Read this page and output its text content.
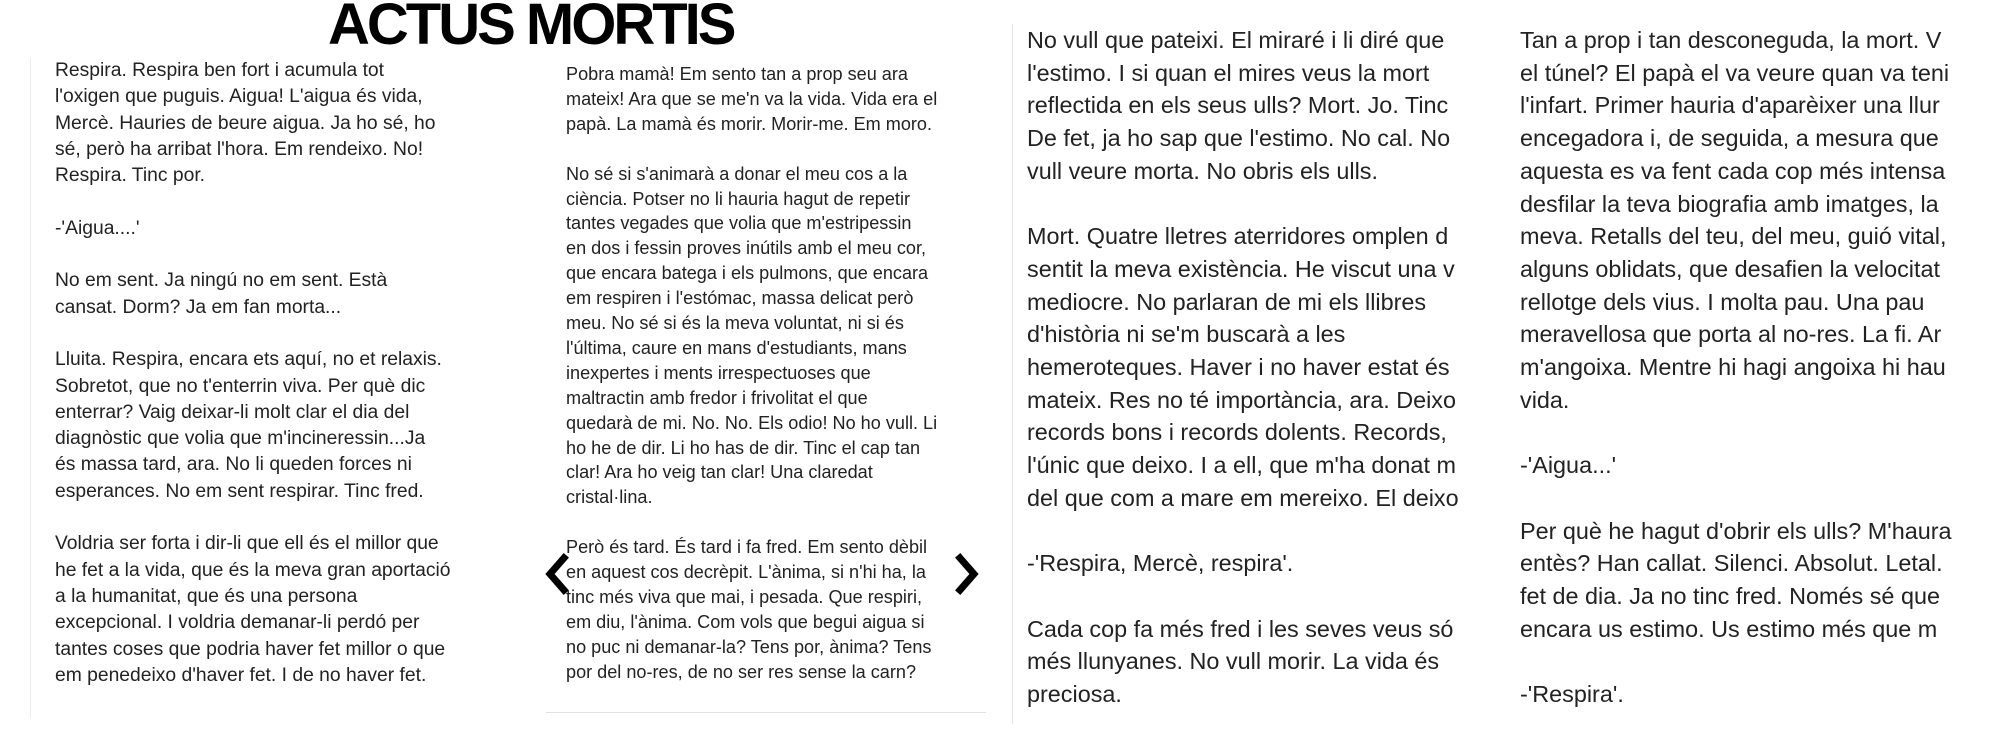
ACTUS MORTIS

Respira. Respira ben fort i acumula tot
l'oxigen que puguis. Aigua! L'aigua és vida,
Mercè. Hauries de beure aigua. Ja ho sé, ho
sé, però ha arribat l'hora. Em rendeixo. No!
Respira. Tinc por.

-'Aigua....'

No em sent. Ja ningú no em sent. Està
cansat. Dorm? Ja em fan morta...

Lluita. Respira, encara ets aquí, no et relaxis.
Sobretot, que no t'enterrin viva. Per què dic
enterrar? Vaig deixar-li molt clar el dia del
diagnòstic que volia que m'incineressin...Ja
és massa tard, ara. No li queden forces ni
esperances. No em sent respirar. Tinc fred.

Voldria ser forta i dir-li que ell és el millor que
he fet a la vida, que és la meva gran aportació
a la humanitat, que és una persona
excepcional. I voldria demanar-li perdó per
tantes coses que podria haver fet millor o que
em penedeixo d'haver fet. I de no haver fet.

Pobra mamà! Em sento tan a prop seu ara
mateix! Ara que se me'n va la vida. Vida era el
papà. La mamà és morir. Morir-me. Em moro.

No sé si s'animarà a donar el meu cos a la
ciència. Potser no li hauria hagut de repetir
tantes vegades que volia que m'estripessin
en dos i fessin proves inútils amb el meu cor,
que encara batega i els pulmons, que encara
em respiren i l'estómac, massa delicat però
meu. No sé si és la meva voluntat, ni si és
l'última, caure en mans d'estudiants, mans
inexpertes i ments irrespectuoses que
maltractin amb fredor i frivolitat el que
quedarà de mi. No. No. Els odio! No ho vull. Li
ho he de dir. Li ho has de dir. Tinc el cap tan
clar! Ara ho veig tan clar! Una claredat
cristal·lina.

Però és tard. És tard i fa fred. Em sento dèbil
en aquest cos decrèpit. L'ànima, si n'hi ha, la
tinc més viva que mai, i pesada. Que respiri,
em diu, l'ànima. Com vols que begui aigua si
no puc ni demanar-la? Tens por, ànima? Tens
por del no-res, de no ser res sense la carn?

No vull que pateixi. El miraré i li diré que
l'estimo. I si quan el mires veus la mort
reflectida en els seus ulls? Mort. Jo. Tinc
De fet, ja ho sap que l'estimo. No cal. No
vull veure morta. No obris els ulls.

Mort. Quatre lletres aterridores omplen d
sentit la meva existència. He viscut una v
mediocre. No parlaran de mi els llibres
d'història ni se'm buscarà a les
hemeroteques. Haver i no haver estat és
mateix. Res no té importància, ara. Deixo
records bons i records dolents. Records,
l'únic que deixo. I a ell, que m'ha donat m
del que com a mare em mereixo. El deixo

-'Respira, Mercè, respira'.

Cada cop fa més fred i les seves veus só
més llunyanes. No vull morir. La vida és
preciosa.

Tan a prop i tan desconeguda, la mort. V
el túnel? El papà el va veure quan va teni
l'infart. Primer hauria d'aparèixer una llur
encegadora i, de seguida, a mesura que
aquesta es va fent cada cop més intensa
desfilar la teva biografia amb imatges, la
meva. Retalls del teu, del meu, guió vital,
alguns oblidats, que desafien la velocitat
rellotge dels vius. I molta pau. Una pau
meravellosa que porta al no-res. La fi. Ar
m'angoixa. Mentre hi hagi angoixa hi hau
vida.

-'Aigua...'

Per què he hagut d'obrir els ulls? M'haura
entès? Han callat. Silenci. Absolut. Letal.
fet de dia. Ja no tinc fred. Només sé que
encara us estimo. Us estimo més que m

-'Respira'.
